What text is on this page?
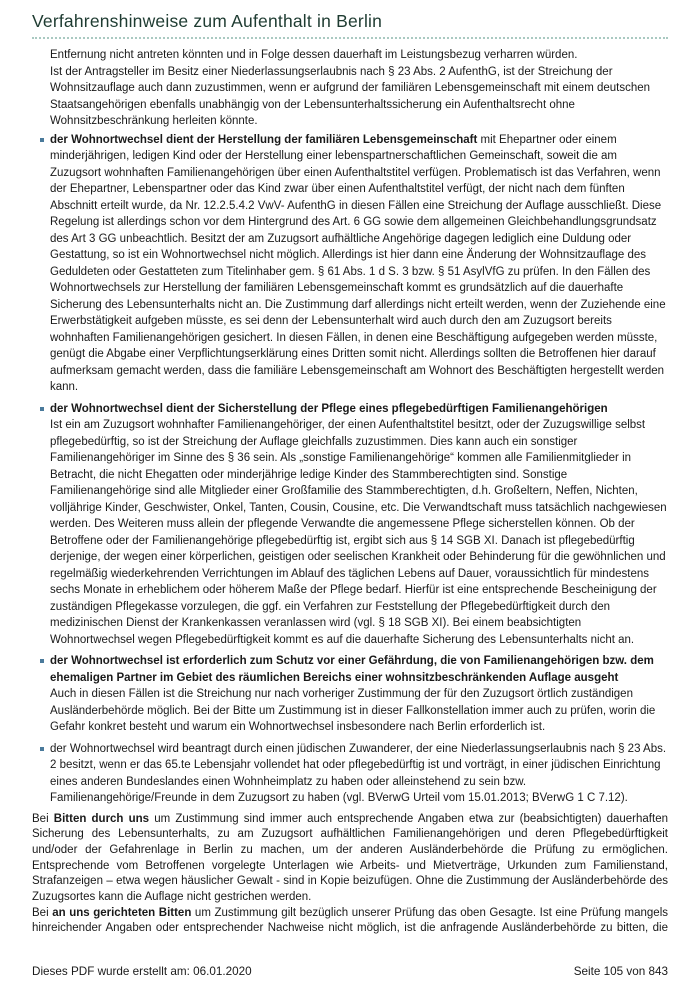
Verfahrenshinweise zum Aufenthalt in Berlin

Entfernung nicht antreten könnten und in Folge dessen dauerhaft im Leistungsbezug verharren würden.
Ist der Antragsteller im Besitz einer Niederlassungserlaubnis nach § 23 Abs. 2 AufenthG, ist der Streichung der Wohnsitzauflage auch dann zuzustimmen, wenn er aufgrund der familiären Lebensgemeinschaft mit einem deutschen Staatsangehörigen ebenfalls unabhängig von der Lebensunterhaltssicherung ein Aufenthaltsrecht ohne Wohnsitzbeschränkung herleiten könnte.

der Wohnortwechsel dient der Herstellung der familiären Lebensgemeinschaft mit Ehepartner oder einem minderjährigen, ledigen Kind oder der Herstellung einer lebenspartnerschaftlichen Gemeinschaft, soweit die am Zuzugsort wohnhaften Familienangehörigen über einen Aufenthaltstitel verfügen. Problematisch ist das Verfahren, wenn der Ehepartner, Lebenspartner oder das Kind zwar über einen Aufenthaltstitel verfügt, der nicht nach dem fünften Abschnitt erteilt wurde, da Nr. 12.2.5.4.2 VwV- AufenthG in diesen Fällen eine Streichung der Auflage ausschließt. Diese Regelung ist allerdings schon vor dem Hintergrund des Art. 6 GG sowie dem allgemeinen Gleichbehandlungsgrundsatz des Art 3 GG unbeachtlich. Besitzt der am Zuzugsort aufhältliche Angehörige dagegen lediglich eine Duldung oder Gestattung, so ist ein Wohnortwechsel nicht möglich. Allerdings ist hier dann eine Änderung der Wohnsitzauflage des Geduldeten oder Gestatteten zum Titelinhaber gem. § 61 Abs. 1 d S. 3 bzw. § 51 AsylVfG zu prüfen. In den Fällen des Wohnortwechsels zur Herstellung der familiären Lebensgemeinschaft kommt es grundsätzlich auf die dauerhafte Sicherung des Lebensunterhalts nicht an. Die Zustimmung darf allerdings nicht erteilt werden, wenn der Zuziehende eine Erwerbstätigkeit aufgeben müsste, es sei denn der Lebensunterhalt wird auch durch den am Zuzugsort bereits wohnhaften Familienangehörigen gesichert. In diesen Fällen, in denen eine Beschäftigung aufgegeben werden müsste, genügt die Abgabe einer Verpflichtungserklärung eines Dritten somit nicht. Allerdings sollten die Betroffenen hier darauf aufmerksam gemacht werden, dass die familiäre Lebensgemeinschaft am Wohnort des Beschäftigten hergestellt werden kann.
der Wohnortwechsel dient der Sicherstellung der Pflege eines pflegebedürftigen Familienangehörigen
Ist ein am Zuzugsort wohnhafter Familienangehöriger, der einen Aufenthaltstitel besitzt, oder der Zuzugswillige selbst pflegebedürftig, so ist der Streichung der Auflage gleichfalls zuzustimmen. Dies kann auch ein sonstiger Familienangehöriger im Sinne des § 36 sein. Als „sonstige Familienangehörige“ kommen alle Familienmitglieder in Betracht, die nicht Ehegatten oder minderjährige ledige Kinder des Stammberechtigten sind. Sonstige Familienangehörige sind alle Mitglieder einer Großfamilie des Stammberechtigten, d.h. Großeltern, Neffen, Nichten, volljährige Kinder, Geschwister, Onkel, Tanten, Cousin, Cousine, etc. Die Verwandtschaft muss tatsächlich nachgewiesen werden. Des Weiteren muss allein der pflegende Verwandte die angemessene Pflege sicherstellen können. Ob der Betroffene oder der Familienangehörige pflegebedürftig ist, ergibt sich aus § 14 SGB XI. Danach ist pflegebedürftig derjenige, der wegen einer körperlichen, geistigen oder seelischen Krankheit oder Behinderung für die gewöhnlichen und regelmäßig wiederkehrenden Verrichtungen im Ablauf des täglichen Lebens auf Dauer, voraussichtlich für mindestens sechs Monate in erheblichem oder höherem Maße der Pflege bedarf. Hierfür ist eine entsprechende Bescheinigung der zuständigen Pflegekasse vorzulegen, die ggf. ein Verfahren zur Feststellung der Pflegebedürftigkeit durch den medizinischen Dienst der Krankenkassen veranlassen wird (vgl. § 18 SGB XI). Bei einem beabsichtigten Wohnortwechsel wegen Pflegebedürftigkeit kommt es auf die dauerhafte Sicherung des Lebensunterhalts nicht an.
der Wohnortwechsel ist erforderlich zum Schutz vor einer Gefährdung, die von Familienangehörigen bzw. dem ehemaligen Partner im Gebiet des räumlichen Bereichs einer wohnsitzbeschränkenden Auflage ausgeht
Auch in diesen Fällen ist die Streichung nur nach vorheriger Zustimmung der für den Zuzugsort örtlich zuständigen Ausländerbehörde möglich. Bei der Bitte um Zustimmung ist in dieser Fallkonstellation immer auch zu prüfen, worin die Gefahr konkret besteht und warum ein Wohnortwechsel insbesondere nach Berlin erforderlich ist.
der Wohnortwechsel wird beantragt durch einen jüdischen Zuwanderer, der eine Niederlassungserlaubnis nach § 23 Abs. 2 besitzt, wenn er das 65.te Lebensjahr vollendet hat oder pflegebedürftig ist und vorträgt, in einer jüdischen Einrichtung eines anderen Bundeslandes einen Wohnheimplatz zu haben oder alleinstehend zu sein bzw. Familienangehörige/Freunde in dem Zuzugsort zu haben (vgl. BVerwG Urteil vom 15.01.2013; BVerwG 1 C 7.12).

Bei Bitten durch uns um Zustimmung sind immer auch entsprechende Angaben etwa zur (beabsichtigten) dauerhaften Sicherung des Lebensunterhalts, zu am Zuzugsort aufhältlichen Familienangehörigen und deren Pflegebedürftigkeit und/oder der Gefahrenlage in Berlin zu machen, um der anderen Ausländerbehörde die Prüfung zu ermöglichen. Entsprechende vom Betroffenen vorgelegte Unterlagen wie Arbeits- und Mietverträge, Urkunden zum Familienstand, Strafanzeigen – etwa wegen häuslicher Gewalt - sind in Kopie beizufügen. Ohne die Zustimmung der Ausländerbehörde des Zuzugsortes kann die Auflage nicht gestrichen werden.

Bei an uns gerichteten Bitten um Zustimmung gilt bezüglich unserer Prüfung das oben Gesagte. Ist eine Prüfung mangels hinreichender Angaben oder entsprechender Nachweise nicht möglich, ist die anfragende Ausländerbehörde zu bitten, die

Dieses PDF wurde erstellt am: 06.01.2020	Seite 105 von 843
